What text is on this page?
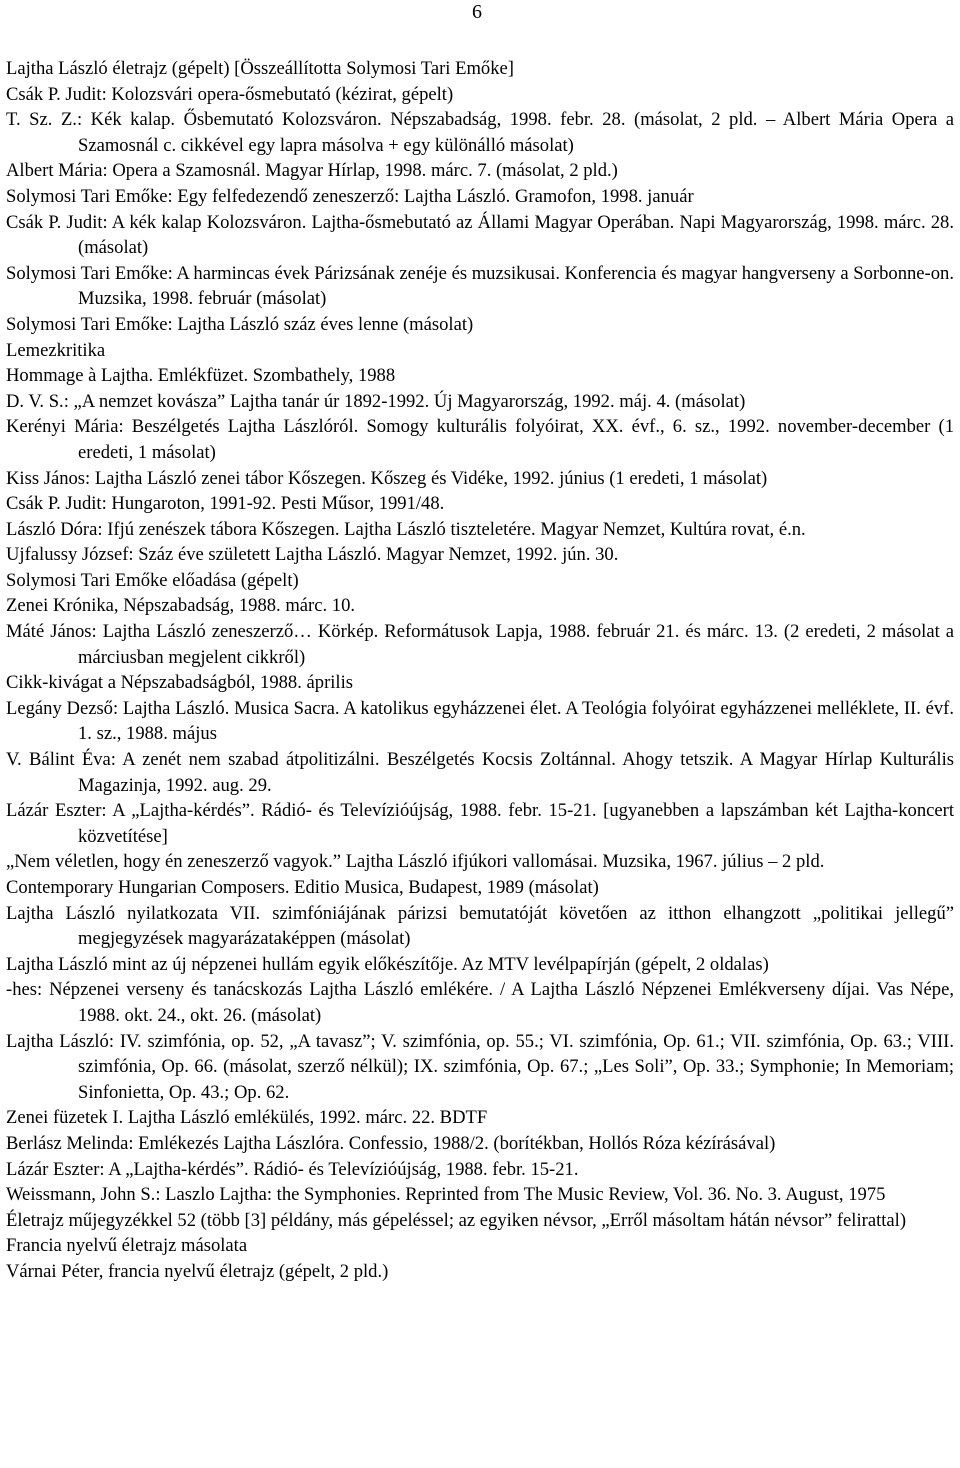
6
Lajtha László életrajz (gépelt) [Összeállította Solymosi Tari Emőke]
Csák P. Judit: Kolozsvári opera-ősmebutató (kézirat, gépelt)
T. Sz. Z.: Kék kalap. Ősbemutató Kolozsváron. Népszabadság, 1998. febr. 28. (másolat, 2 pld. – Albert Mária Opera a Szamosnál c. cikkével egy lapra másolva + egy különálló másolat)
Albert Mária: Opera a Szamosnál. Magyar Hírlap, 1998. márc. 7. (másolat, 2 pld.)
Solymosi Tari Emőke: Egy felfedezendő zeneszerző: Lajtha László. Gramofon, 1998. január
Csák P. Judit: A kék kalap Kolozsváron. Lajtha-ősmebutató az Állami Magyar Operában. Napi Magyarország, 1998. márc. 28. (másolat)
Solymosi Tari Emőke: A harmincas évek Párizsának zenéje és muzsikusai. Konferencia és magyar hangverseny a Sorbonne-on. Muzsika, 1998. február (másolat)
Solymosi Tari Emőke: Lajtha László száz éves lenne (másolat)
Lemezkritika
Hommage à Lajtha. Emlékfüzet. Szombathely, 1988
D. V. S.: „A nemzet kovásza” Lajtha tanár úr 1892-1992. Új Magyarország, 1992. máj. 4. (másolat)
Kerényi Mária: Beszélgetés Lajtha Lászlóról. Somogy kulturális folyóirat, XX. évf., 6. sz., 1992. november-december (1 eredeti, 1 másolat)
Kiss János: Lajtha László zenei tábor Kőszegen. Kőszeg és Vidéke, 1992. június (1 eredeti, 1 másolat)
Csák P. Judit: Hungaroton, 1991-92. Pesti Műsor, 1991/48.
László Dóra: Ifjú zenészek tábora Kőszegen. Lajtha László tiszteletére. Magyar Nemzet, Kultúra rovat, é.n.
Ujfalussy József: Száz éve született Lajtha László. Magyar Nemzet, 1992. jún. 30.
Solymosi Tari Emőke előadása (gépelt)
Zenei Krónika, Népszabadság, 1988. márc. 10.
Máté János: Lajtha László zeneszerző… Körkép. Reformátusok Lapja, 1988. február 21. és márc. 13. (2 eredeti, 2 másolat a márciusban megjelent cikkről)
Cikk-kivágat a Népszabadságból, 1988. április
Legány Dezső: Lajtha László. Musica Sacra. A katolikus egyházzenei élet. A Teológia folyóirat egyházzenei melléklete, II. évf. 1. sz., 1988. május
V. Bálint Éva: A zenét nem szabad átpolitizálni. Beszélgetés Kocsis Zoltánnal. Ahogy tetszik. A Magyar Hírlap Kulturális Magazinja, 1992. aug. 29.
Lázár Eszter: A „Lajtha-kérdés”. Rádió- és Televízióújság, 1988. febr. 15-21. [ugyanebben a lapszámban két Lajtha-koncert közvetítése]
„Nem véletlen, hogy én zeneszerző vagyok.” Lajtha László ifjúkori vallomásai. Muzsika, 1967. július – 2 pld.
Contemporary Hungarian Composers. Editio Musica, Budapest, 1989 (másolat)
Lajtha László nyilatkozata VII. szimfóniájának párizsi bemutatóját követően az itthon elhangzott „politikai jellegű” megjegyzések magyarázataképpen (másolat)
Lajtha László mint az új népzenei hullám egyik előkészítője. Az MTV levélpapírján (gépelt, 2 oldalas)
-hes: Népzenei verseny és tanácskozás Lajtha László emlékére. / A Lajtha László Népzenei Emlékverseny díjai. Vas Népe, 1988. okt. 24., okt. 26. (másolat)
Lajtha László: IV. szimfónia, op. 52, „A tavasz”; V. szimfónia, op. 55.; VI. szimfónia, Op. 61.; VII. szimfónia, Op. 63.; VIII. szimfónia, Op. 66. (másolat, szerző nélkül); IX. szimfónia, Op. 67.; „Les Soli”, Op. 33.; Symphonie; In Memoriam; Sinfonietta, Op. 43.; Op. 62.
Zenei füzetek I. Lajtha László emlékülés, 1992. márc. 22. BDTF
Berlász Melinda: Emlékezés Lajtha Lászlóra. Confessio, 1988/2. (borítékban, Hollós Róza kézírásával)
Lázár Eszter: A „Lajtha-kérdés”. Rádió- és Televízióújság, 1988. febr. 15-21.
Weissmann, John S.: Laszlo Lajtha: the Symphonies. Reprinted from The Music Review, Vol. 36. No. 3. August, 1975
Életrajz műjegyzékkel 52 (több [3] példány, más gépeléssel; az egyiken névsor, „Erről másoltam hátán névsor” felirattal)
Francia nyelvű életrajz másolata
Várnai Péter, francia nyelvű életrajz (gépelt, 2 pld.)
